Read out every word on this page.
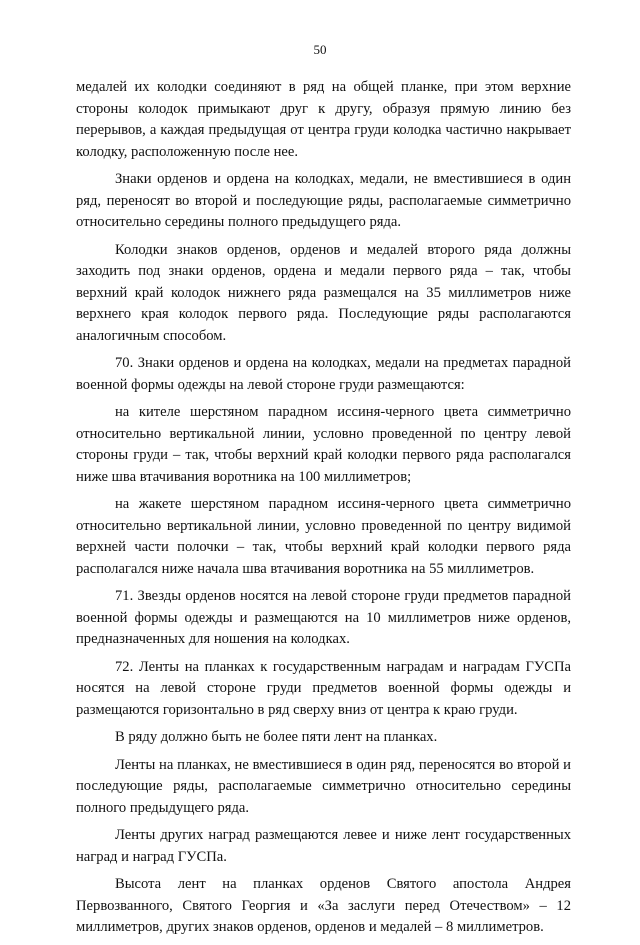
50

медалей их колодки соединяют в ряд на общей планке, при этом верхние стороны колодок примыкают друг к другу, образуя прямую линию без перерывов, а каждая предыдущая от центра груди колодка частично накрывает колодку, расположенную после нее.

Знаки орденов и ордена на колодках, медали, не вместившиеся в один ряд, переносят во второй и последующие ряды, располагаемые симметрично относительно середины полного предыдущего ряда.

Колодки знаков орденов, орденов и медалей второго ряда должны заходить под знаки орденов, ордена и медали первого ряда – так, чтобы верхний край колодок нижнего ряда размещался на 35 миллиметров ниже верхнего края колодок первого ряда. Последующие ряды располагаются аналогичным способом.

70. Знаки орденов и ордена на колодках, медали на предметах парадной военной формы одежды на левой стороне груди размещаются:

на кителе шерстяном парадном иссиня-черного цвета симметрично относительно вертикальной линии, условно проведенной по центру левой стороны груди – так, чтобы верхний край колодки первого ряда располагался ниже шва втачивания воротника на 100 миллиметров;

на жакете шерстяном парадном иссиня-черного цвета симметрично относительно вертикальной линии, условно проведенной по центру видимой верхней части полочки – так, чтобы верхний край колодки первого ряда располагался ниже начала шва втачивания воротника на 55 миллиметров.

71. Звезды орденов носятся на левой стороне груди предметов парадной военной формы одежды и размещаются на 10 миллиметров ниже орденов, предназначенных для ношения на колодках.

72. Ленты на планках к государственным наградам и наградам ГУСПа носятся на левой стороне груди предметов военной формы одежды и размещаются горизонтально в ряд сверху вниз от центра к краю груди.

В ряду должно быть не более пяти лент на планках.

Ленты на планках, не вместившиеся в один ряд, переносятся во второй и последующие ряды, располагаемые симметрично относительно середины полного предыдущего ряда.

Ленты других наград размещаются левее и ниже лент государственных наград и наград ГУСПа.

Высота лент на планках орденов Святого апостола Андрея Первозванного, Святого Георгия и «За заслуги перед Отечеством» – 12 миллиметров, других знаков орденов, орденов и медалей – 8 миллиметров.
